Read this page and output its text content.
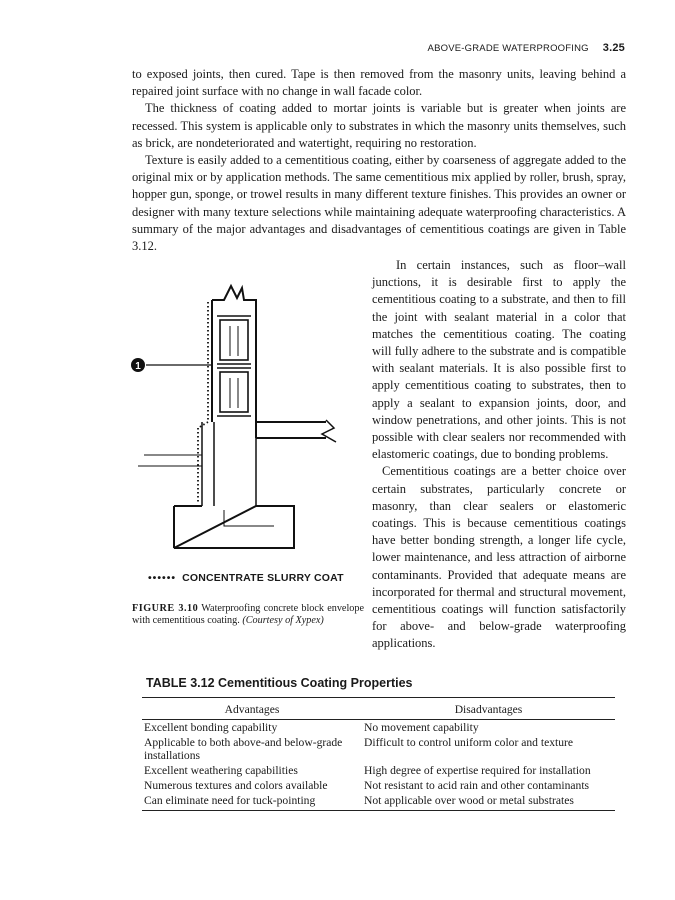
ABOVE-GRADE WATERPROOFING 3.25

to exposed joints, then cured. Tape is then removed from the masonry units, leaving behind a repaired joint surface with no change in wall facade color.

The thickness of coating added to mortar joints is variable but is greater when joints are recessed. This system is applicable only to substrates in which the masonry units themselves, such as brick, are nondeteriorated and watertight, requiring no restoration.

Texture is easily added to a cementitious coating, either by coarseness of aggregate added to the original mix or by application methods. The same cementitious mix applied by roller, brush, spray, hopper gun, sponge, or trowel results in many different texture finishes. This provides an owner or designer with many texture selections while maintaining adequate waterproofing characteristics. A summary of the major advantages and disadvantages of cementitious coatings are given in Table 3.12.

In certain instances, such as floor–wall junctions, it is desirable first to apply the cementitious coating to a substrate, and then to fill the joint with sealant material in a color that matches the cementitious coating. The coating will fully adhere to the substrate and is compatible with sealant materials. It is also possible first to apply cementitious coating to substrates, then to apply a sealant to expansion joints, door, and window penetrations, and other joints. This is not possible with clear sealers nor recommended with elastomeric coatings, due to bonding problems.

Cementitious coatings are a better choice over certain substrates, particularly concrete or masonry, than clear sealers or elastomeric coatings. This is because cementitious coatings have better bonding strength, a longer life cycle, lower maintenance, and less attraction of airborne contaminants. Provided that adequate means are incorporated for thermal and structural movement, cementitious coatings will function satisfactorily for above- and below-grade waterproofing applications.

1
•••••• CONCENTRATE SLURRY COAT
FIGURE 3.10 Waterproofing concrete block envelope with cementitious coating. (Courtesy of Xypex)
TABLE 3.12 Cementitious Coating Properties
Advantages	Disadvantages
Excellent bonding capability	No movement capability
Applicable to both above-and below-grade installations	Difficult to control uniform color and texture
Excellent weathering capabilities	High degree of expertise required for installation
Numerous textures and colors available	Not resistant to acid rain and other contaminants
Can eliminate need for tuck-pointing	Not applicable over wood or metal substrates
